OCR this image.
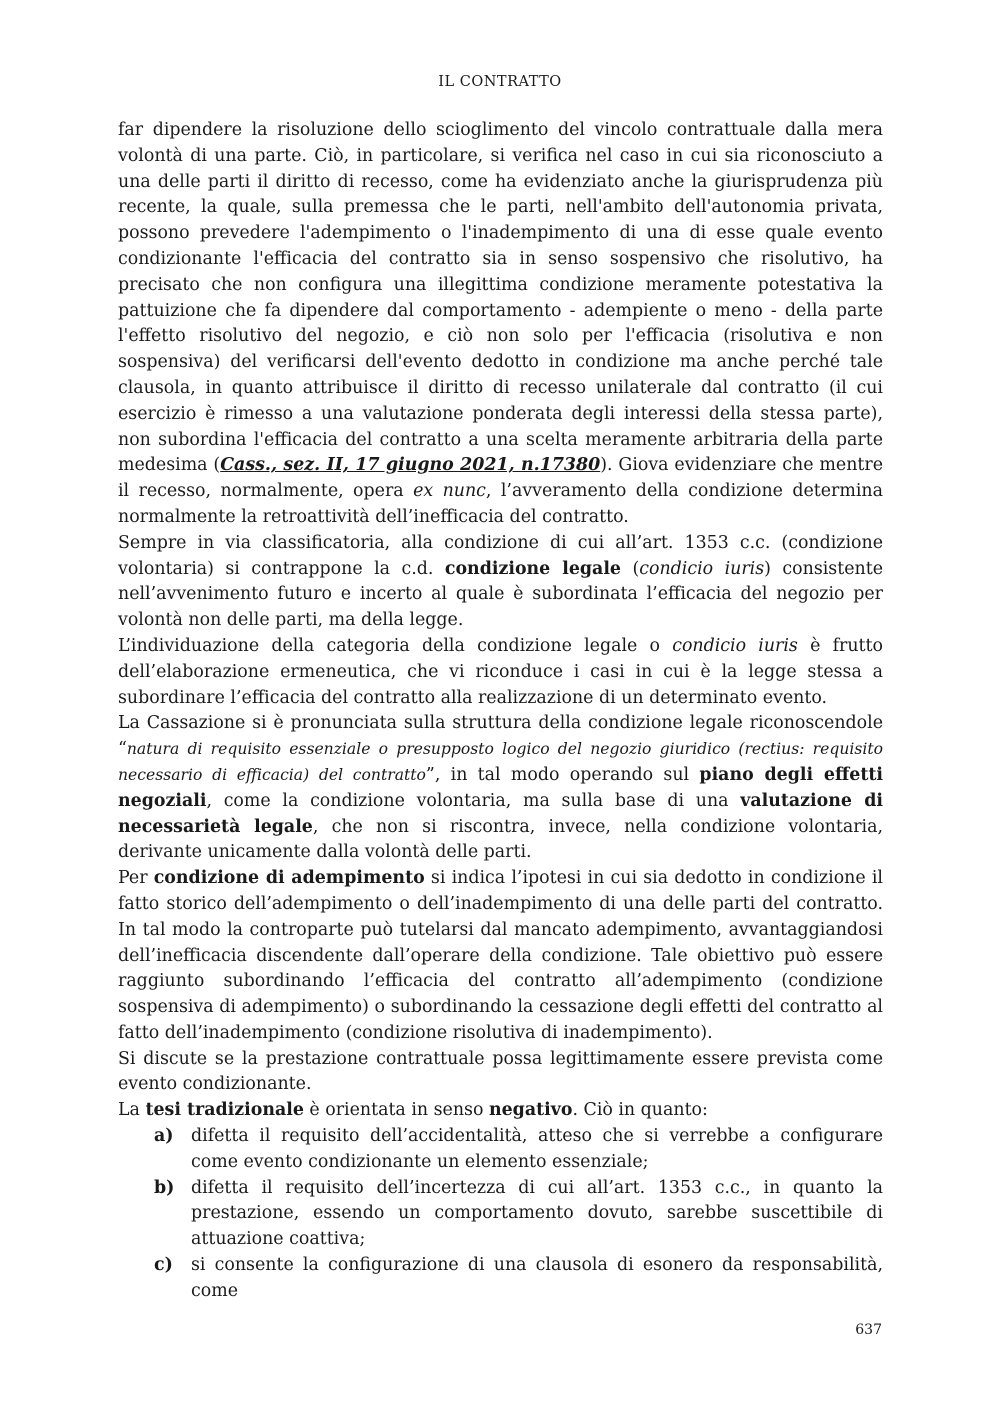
IL CONTRATTO

far dipendere la risoluzione dello scioglimento del vincolo contrattuale dalla mera volontà di una parte. Ciò, in particolare, si verifica nel caso in cui sia riconosciuto a una delle parti il diritto di recesso, come ha evidenziato anche la giurisprudenza più recente, la quale, sulla premessa che le parti, nell'ambito dell'autonomia privata, possono prevedere l'adempimento o l'inadempimento di una di esse quale evento condizionante l'efficacia del contratto sia in senso sospensivo che risolutivo, ha precisato che non configura una illegittima condizione meramente potestativa la pattuizione che fa dipendere dal comportamento - adempiente o meno - della parte l'effetto risolutivo del negozio, e ciò non solo per l'efficacia (risolutiva e non sospensiva) del verificarsi dell'evento dedotto in condizione ma anche perché tale clausola, in quanto attribuisce il diritto di recesso unilaterale dal contratto (il cui esercizio è rimesso a una valutazione ponderata degli interessi della stessa parte), non subordina l'efficacia del contratto a una scelta meramente arbitraria della parte medesima (Cass., sez. II, 17 giugno 2021, n.17380). Giova evidenziare che mentre il recesso, normalmente, opera ex nunc, l’avveramento della condizione determina normalmente la retroattività dell’inefficacia del contratto.

Sempre in via classificatoria, alla condizione di cui all’art. 1353 c.c. (condizione volontaria) si contrappone la c.d. condizione legale (condicio iuris) consistente nell’avvenimento futuro e incerto al quale è subordinata l’efficacia del negozio per volontà non delle parti, ma della legge.

L’individuazione della categoria della condizione legale o condicio iuris è frutto dell’elaborazione ermeneutica, che vi riconduce i casi in cui è la legge stessa a subordinare l’efficacia del contratto alla realizzazione di un determinato evento.

La Cassazione si è pronunciata sulla struttura della condizione legale riconoscendole “natura di requisito essenziale o presupposto logico del negozio giuridico (rectius: requisito necessario di efficacia) del contratto”, in tal modo operando sul piano degli effetti negoziali, come la condizione volontaria, ma sulla base di una valutazione di necessarietà legale, che non si riscontra, invece, nella condizione volontaria, derivante unicamente dalla volontà delle parti.

Per condizione di adempimento si indica l’ipotesi in cui sia dedotto in condizione il fatto storico dell’adempimento o dell’inadempimento di una delle parti del contratto. In tal modo la controparte può tutelarsi dal mancato adempimento, avvantaggiandosi dell’inefficacia discendente dall’operare della condizione. Tale obiettivo può essere raggiunto subordinando l’efficacia del contratto all’adempimento (condizione sospensiva di adempimento) o subordinando la cessazione degli effetti del contratto al fatto dell’inadempimento (condizione risolutiva di inadempimento).

Si discute se la prestazione contrattuale possa legittimamente essere prevista come evento condizionante.

La tesi tradizionale è orientata in senso negativo. Ciò in quanto:

a) difetta il requisito dell’accidentalità, atteso che si verrebbe a configurare come evento condizionante un elemento essenziale;
b) difetta il requisito dell’incertezza di cui all’art. 1353 c.c., in quanto la prestazione, essendo un comportamento dovuto, sarebbe suscettibile di attuazione coattiva;
c) si consente la configurazione di una clausola di esonero da responsabilità, come
637
